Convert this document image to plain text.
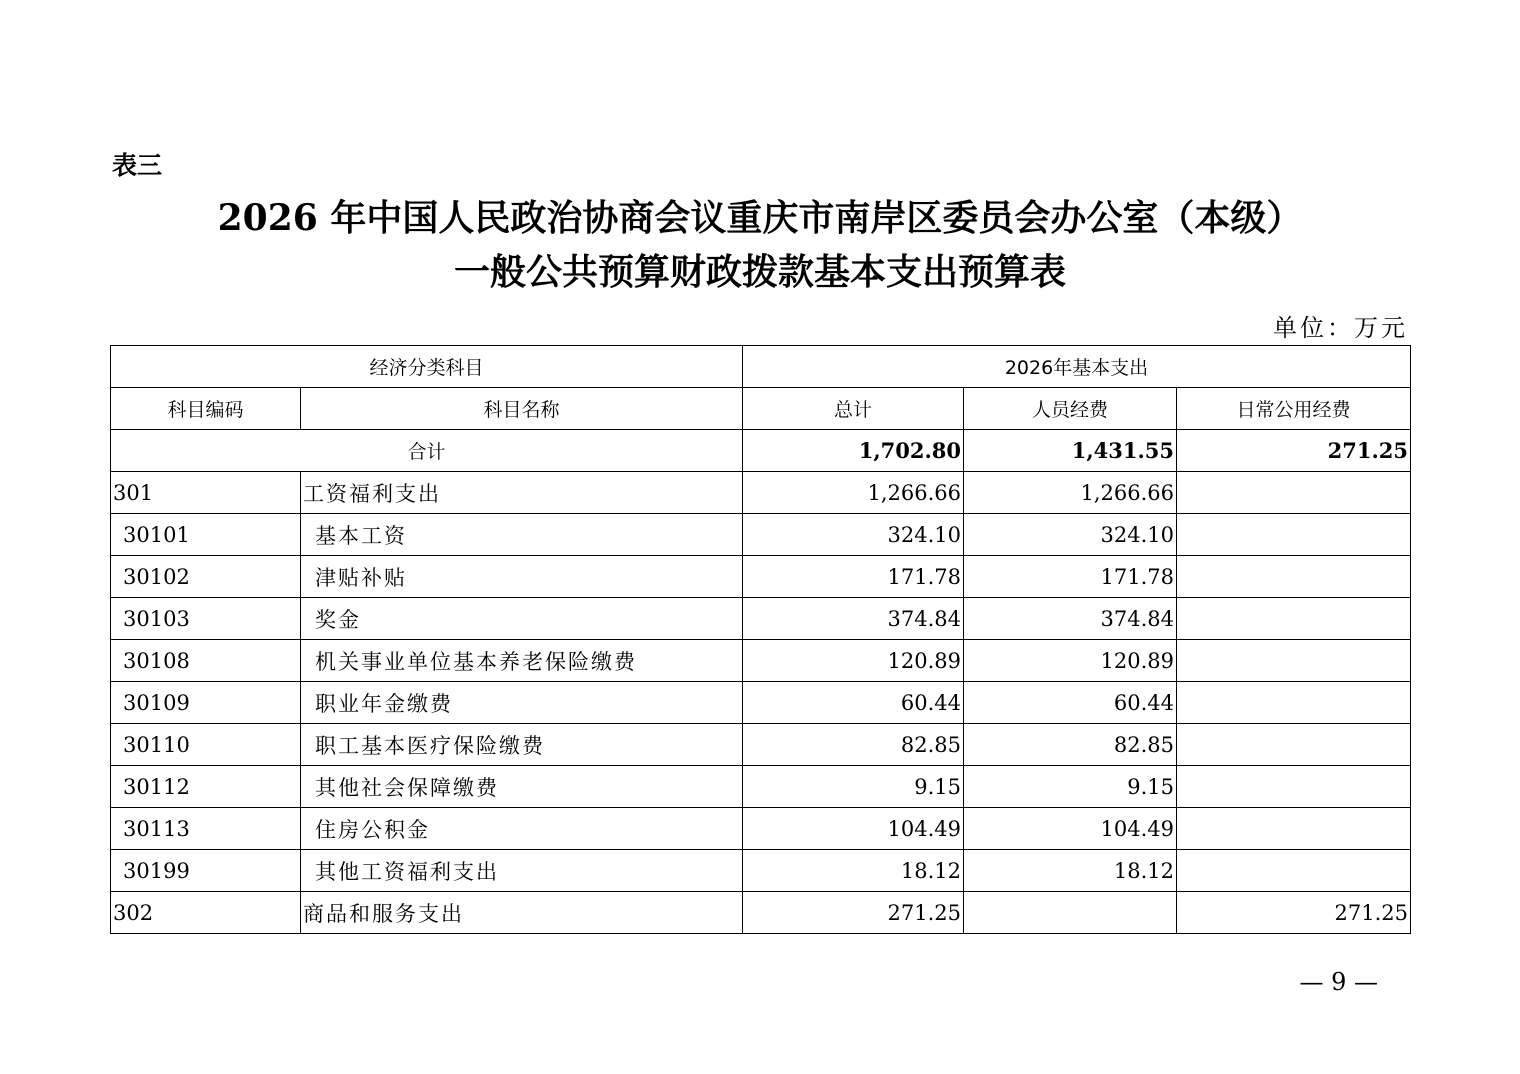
表三
2026 年中国人民政治协商会议重庆市南岸区委员会办公室（本级）
一般公共预算财政拨款基本支出预算表
单位：万元
经济分类科目		2026年基本支出		
科目编码	科目名称	总计	人员经费	日常公用经费
合计		1,702.80	1,431.55	271.25
301	工资福利支出	1,266.66	1,266.66	
30101	基本工资	324.10	324.10	
30102	津贴补贴	171.78	171.78	
30103	奖金	374.84	374.84	
30108	机关事业单位基本养老保险缴费	120.89	120.89	
30109	职业年金缴费	60.44	60.44	
30110	职工基本医疗保险缴费	82.85	82.85	
30112	其他社会保障缴费	9.15	9.15	
30113	住房公积金	104.49	104.49	
30199	其他工资福利支出	18.12	18.12	
302	商品和服务支出	271.25		271.25
— 9 —
